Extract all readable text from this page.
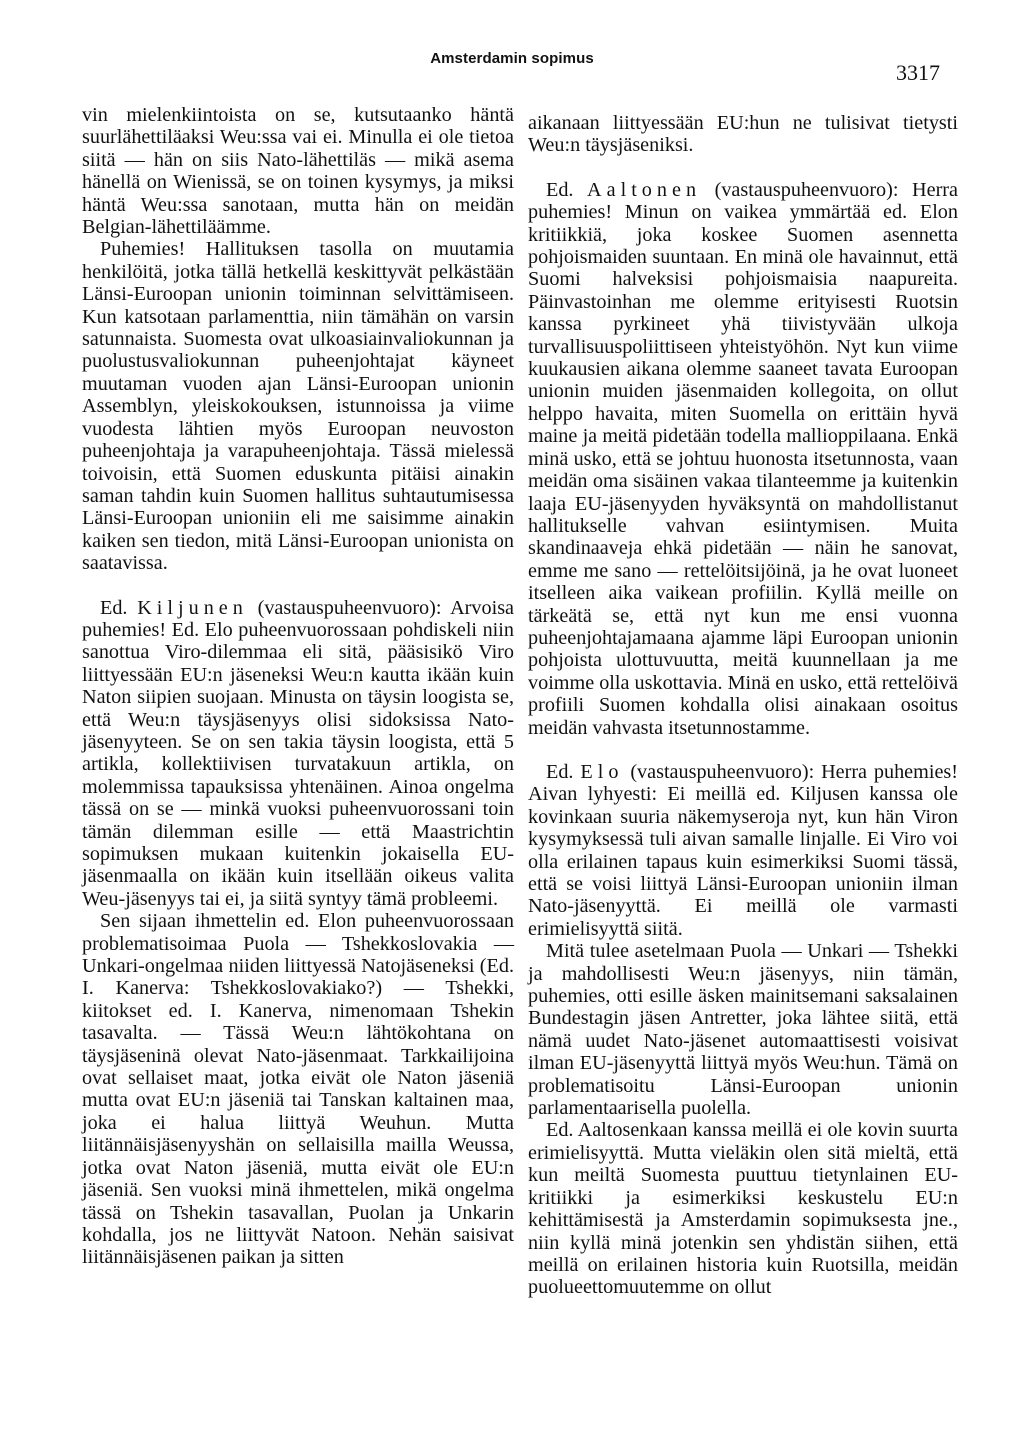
Amsterdamin sopimus
3317

vin mielenkiintoista on se, kutsutaanko häntä suurlähettiläaksi Weu:ssa vai ei. Minulla ei ole tietoa siitä — hän on siis Nato-lähettiläs — mikä asema hänellä on Wienissä, se on toinen kysymys, ja miksi häntä Weu:ssa sanotaan, mutta hän on meidän Belgian-lähettiläämme.

Puhemies! Hallituksen tasolla on muutamia henkilöitä, jotka tällä hetkellä keskittyvät pelkästään Länsi-Euroopan unionin toiminnan selvittämiseen. Kun katsotaan parlamenttia, niin tämähän on varsin satunnaista. Suomesta ovat ulkoasiainvaliokunnan ja puolustusvaliokunnan puheenjohtajat käyneet muutaman vuoden ajan Länsi-Euroopan unionin Assemblyn, yleiskokouksen, istunnoissa ja viime vuodesta lähtien myös Euroopan neuvoston puheenjohtaja ja varapuheenjohtaja. Tässä mielessä toivoisin, että Suomen eduskunta pitäisi ainakin saman tahdin kuin Suomen hallitus suhtautumisessa Länsi-Euroopan unioniin eli me saisimme ainakin kaiken sen tiedon, mitä Länsi-Euroopan unionista on saatavissa.

Ed. Kiljunen (vastauspuheenvuoro): Arvoisa puhemies! Ed. Elo puheenvuorossaan pohdiskeli niin sanottua Viro-dilemmaa eli sitä, pääsisikö Viro liittyessään EU:n jäseneksi Weu:n kautta ikään kuin Naton siipien suojaan. Minusta on täysin loogista se, että Weu:n täysjäsenyys olisi sidoksissa Nato-jäsenyyteen. Se on sen takia täysin loogista, että 5 artikla, kollektiivisen turvatakuun artikla, on molemmissa tapauksissa yhtenäinen. Ainoa ongelma tässä on se — minkä vuoksi puheenvuorossani toin tämän dilemman esille — että Maastrichtin sopimuksen mukaan kuitenkin jokaisella EU-jäsenmaalla on ikään kuin itsellään oikeus valita Weu-jäsenyys tai ei, ja siitä syntyy tämä probleemi.

Sen sijaan ihmettelin ed. Elon puheenvuorossaan problematisoimaa Puola — Tshekkoslovakia — Unkari-ongelmaa niiden liittyessä Natojäseneksi (Ed. I. Kanerva: Tshekkoslovakiako?) — Tshekki, kiitokset ed. I. Kanerva, nimenomaan Tshekin tasavalta. — Tässä Weu:n lähtökohtana on täysjäseninä olevat Nato-jäsenmaat. Tarkkailijoina ovat sellaiset maat, jotka eivät ole Naton jäseniä mutta ovat EU:n jäseniä tai Tanskan kaltainen maa, joka ei halua liittyä Weuhun. Mutta liitännäisjäsenyyshän on sellaisilla mailla Weussa, jotka ovat Naton jäseniä, mutta eivät ole EU:n jäseniä. Sen vuoksi minä ihmettelen, mikä ongelma tässä on Tshekin tasavallan, Puolan ja Unkarin kohdalla, jos ne liittyvät Natoon. Nehän saisivat liitännäisjäsenen paikan ja sitten

aikanaan liittyessään EU:hun ne tulisivat tietysti Weu:n täysjäseniksi.

Ed. Aaltonen (vastauspuheenvuoro): Herra puhemies! Minun on vaikea ymmärtää ed. Elon kritiikkiä, joka koskee Suomen asennetta pohjoismaiden suuntaan. En minä ole havainnut, että Suomi halveksisi pohjoismaisia naapureita. Päinvastoinhan me olemme erityisesti Ruotsin kanssa pyrkineet yhä tiivistyvään ulkoja turvallisuuspoliittiseen yhteistyöhön. Nyt kun viime kuukausien aikana olemme saaneet tavata Euroopan unionin muiden jäsenmaiden kollegoita, on ollut helppo havaita, miten Suomella on erittäin hyvä maine ja meitä pidetään todella mallioppilaana. Enkä minä usko, että se johtuu huonosta itsetunnosta, vaan meidän oma sisäinen vakaa tilanteemme ja kuitenkin laaja EU-jäsenyyden hyväksyntä on mahdollistanut hallitukselle vahvan esiintymisen. Muita skandinaaveja ehkä pidetään — näin he sanovat, emme me sano — rettelöitsijöinä, ja he ovat luoneet itselleen aika vaikean profiilin. Kyllä meille on tärkeätä se, että nyt kun me ensi vuonna puheenjohtajamaana ajamme läpi Euroopan unionin pohjoista ulottuvuutta, meitä kuunnellaan ja me voimme olla uskottavia. Minä en usko, että rettelöivä profiili Suomen kohdalla olisi ainakaan osoitus meidän vahvasta itsetunnostamme.

Ed. Elo (vastauspuheenvuoro): Herra puhemies! Aivan lyhyesti: Ei meillä ed. Kiljusen kanssa ole kovinkaan suuria näkemyseroja nyt, kun hän Viron kysymyksessä tuli aivan samalle linjalle. Ei Viro voi olla erilainen tapaus kuin esimerkiksi Suomi tässä, että se voisi liittyä Länsi-Euroopan unioniin ilman Nato-jäsenyyttä. Ei meillä ole varmasti erimielisyyttä siitä.

Mitä tulee asetelmaan Puola — Unkari — Tshekki ja mahdollisesti Weu:n jäsenyys, niin tämän, puhemies, otti esille äsken mainitsemani saksalainen Bundestagin jäsen Antretter, joka lähtee siitä, että nämä uudet Nato-jäsenet automaattisesti voisivat ilman EU-jäsenyyttä liittyä myös Weu:hun. Tämä on problematisoitu Länsi-Euroopan unionin parlamentaarisella puolella.

Ed. Aaltosenkaan kanssa meillä ei ole kovin suurta erimielisyyttä. Mutta vieläkin olen sitä mieltä, että kun meiltä Suomesta puuttuu tietynlainen EU-kritiikki ja esimerkiksi keskustelu EU:n kehittämisestä ja Amsterdamin sopimuksesta jne., niin kyllä minä jotenkin sen yhdistän siihen, että meillä on erilainen historia kuin Ruotsilla, meidän puolueettomuutemme on ollut
